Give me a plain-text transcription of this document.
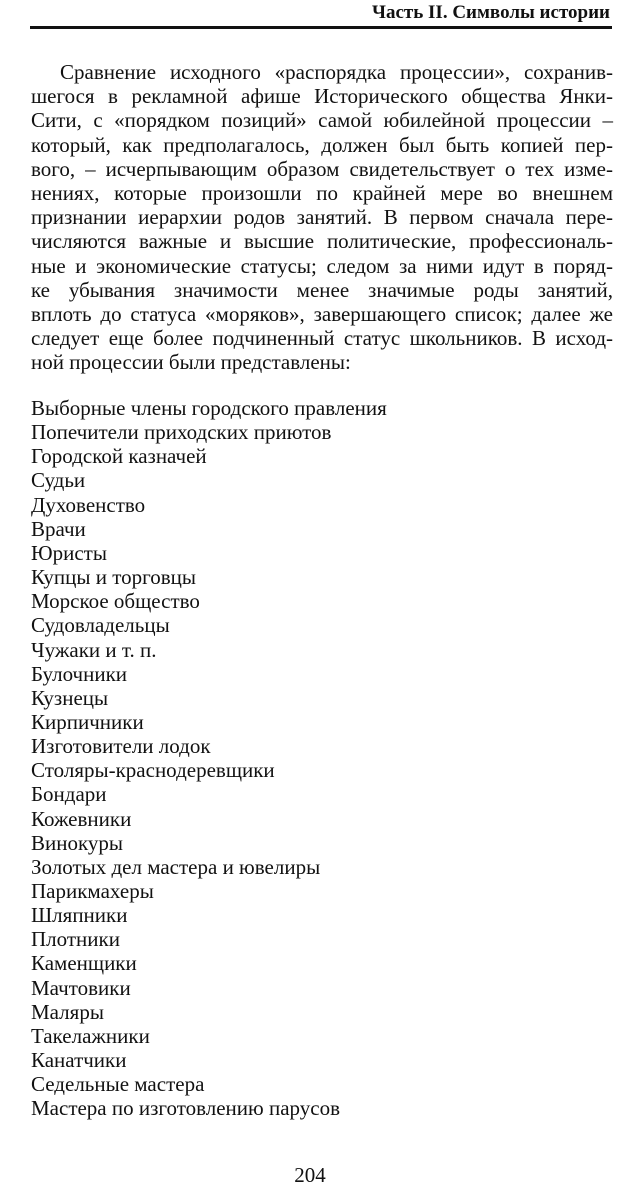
Часть II. Символы истории
Сравнение исходного «распорядка процессии», сохранив-
шегося в рекламной афише Исторического общества Янки-
Сити, с «порядком позиций» самой юбилейной процессии –
который, как предполагалось, должен был быть копией пер-
вого, – исчерпывающим образом свидетельствует о тех изме-
нениях, которые произошли по крайней мере во внешнем
признании иерархии родов занятий. В первом сначала пере-
числяются важные и высшие политические, профессиональ-
ные и экономические статусы; следом за ними идут в поряд-
ке убывания значимости менее значимые роды занятий,
вплоть до статуса «моряков», завершающего список; далее же
следует еще более подчиненный статус школьников. В исход-
ной процессии были представлены:
Выборные члены городского правления
Попечители приходских приютов
Городской казначей
Судьи
Духовенство
Врачи
Юристы
Купцы и торговцы
Морское общество
Судовладельцы
Чужаки и т. п.
Булочники
Кузнецы
Кирпичники
Изготовители лодок
Столяры-краснодеревщики
Бондари
Кожевники
Винокуры
Золотых дел мастера и ювелиры
Парикмахеры
Шляпники
Плотники
Каменщики
Мачтовики
Маляры
Такелажники
Канатчики
Седельные мастера
Мастера по изготовлению парусов
204
